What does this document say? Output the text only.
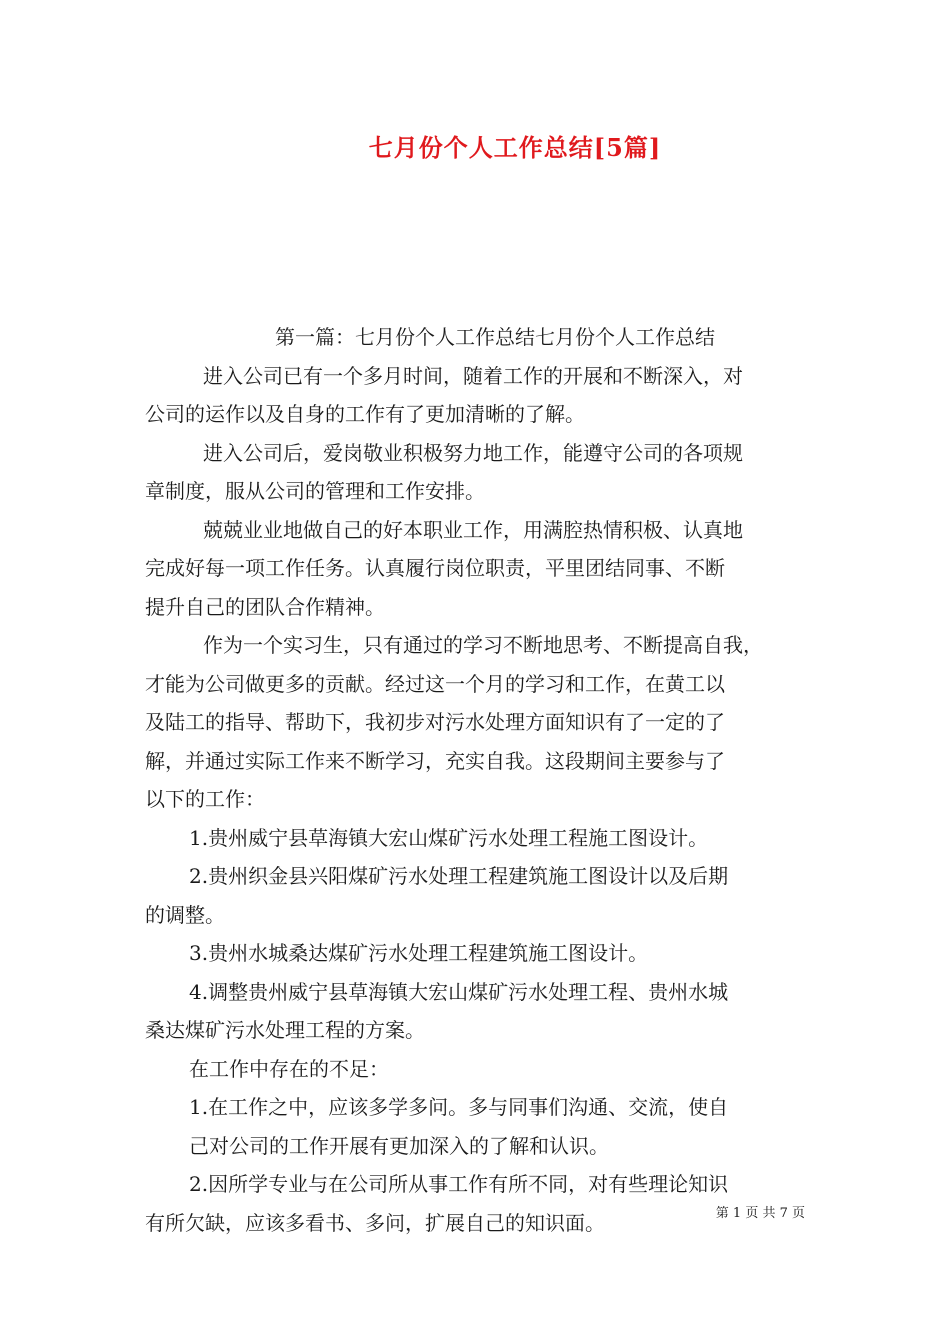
七月份个人工作总结[5篇]
第一篇：七月份个人工作总结七月份个人工作总结
进入公司已有一个多月时间，随着工作的开展和不断深入，对
公司的运作以及自身的工作有了更加清晰的了解。
进入公司后，爱岗敬业积极努力地工作，能遵守公司的各项规
章制度，服从公司的管理和工作安排。
兢兢业业地做自己的好本职业工作，用满腔热情积极、认真地
完成好每一项工作任务。认真履行岗位职责，平里团结同事、不断
提升自己的团队合作精神。
作为一个实习生，只有通过的学习不断地思考、不断提高自我，
才能为公司做更多的贡献。经过这一个月的学习和工作，在黄工以
及陆工的指导、帮助下，我初步对污水处理方面知识有了一定的了
解，并通过实际工作来不断学习，充实自我。这段期间主要参与了
以下的工作：
1.贵州威宁县草海镇大宏山煤矿污水处理工程施工图设计。
2.贵州织金县兴阳煤矿污水处理工程建筑施工图设计以及后期
的调整。
3.贵州水城桑达煤矿污水处理工程建筑施工图设计。
4.调整贵州威宁县草海镇大宏山煤矿污水处理工程、贵州水城
桑达煤矿污水处理工程的方案。
在工作中存在的不足：
1.在工作之中，应该多学多问。多与同事们沟通、交流，使自
己对公司的工作开展有更加深入的了解和认识。
2.因所学专业与在公司所从事工作有所不同，对有些理论知识
有所欠缺，应该多看书、多问，扩展自己的知识面。	第 1 页 共 7 页
